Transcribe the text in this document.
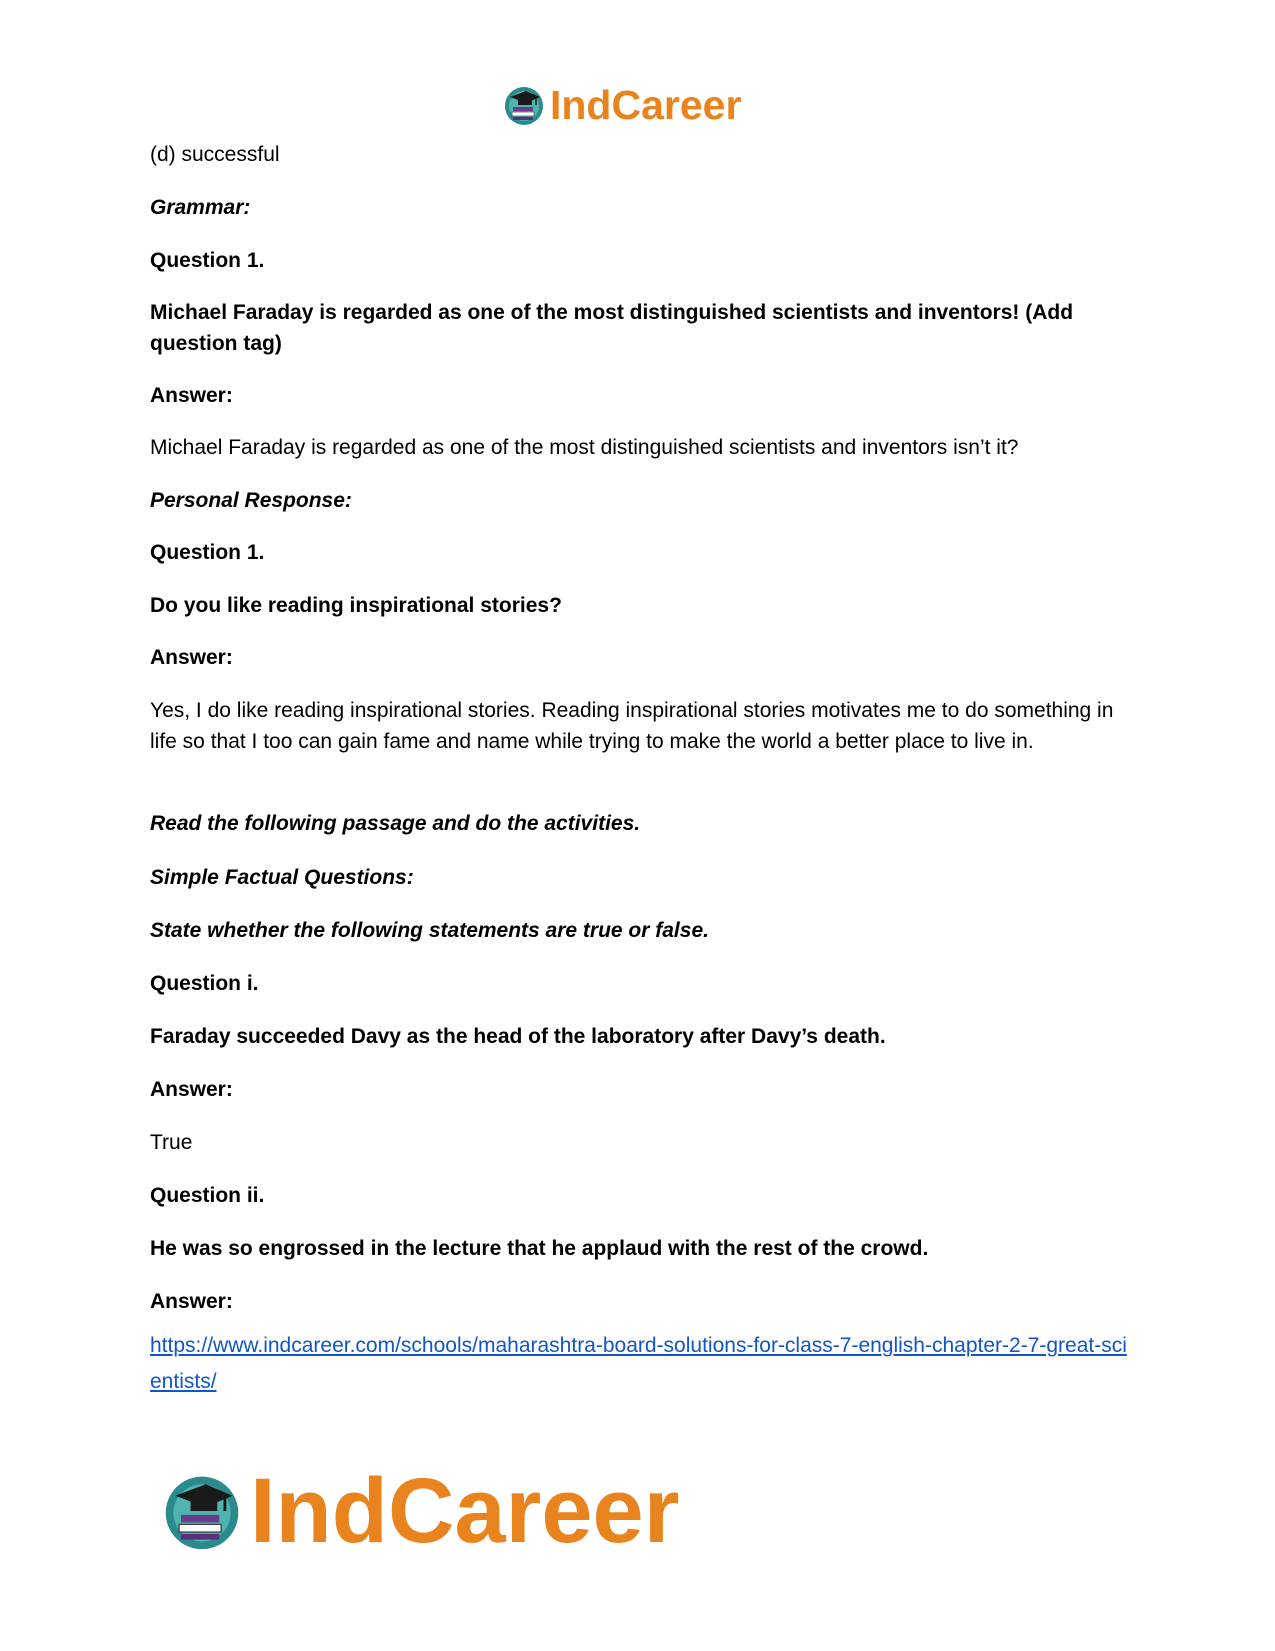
IndCareer
(d) successful
Grammar:
Question 1.
Michael Faraday is regarded as one of the most distinguished scientists and inventors! (Add question tag)
Answer:
Michael Faraday is regarded as one of the most distinguished scientists and inventors isn’t it?
Personal Response:
Question 1.
Do you like reading inspirational stories?
Answer:
Yes, I do like reading inspirational stories. Reading inspirational stories motivates me to do something in life so that I too can gain fame and name while trying to make the world a better place to live in.
Read the following passage and do the activities.
Simple Factual Questions:
State whether the following statements are true or false.
Question i.
Faraday succeeded Davy as the head of the laboratory after Davy’s death.
Answer:
True
Question ii.
He was so engrossed in the lecture that he applaud with the rest of the crowd.
Answer:
https://www.indcareer.com/schools/maharashtra-board-solutions-for-class-7-english-chapter-2-7-great-scientists/
IndCareer
